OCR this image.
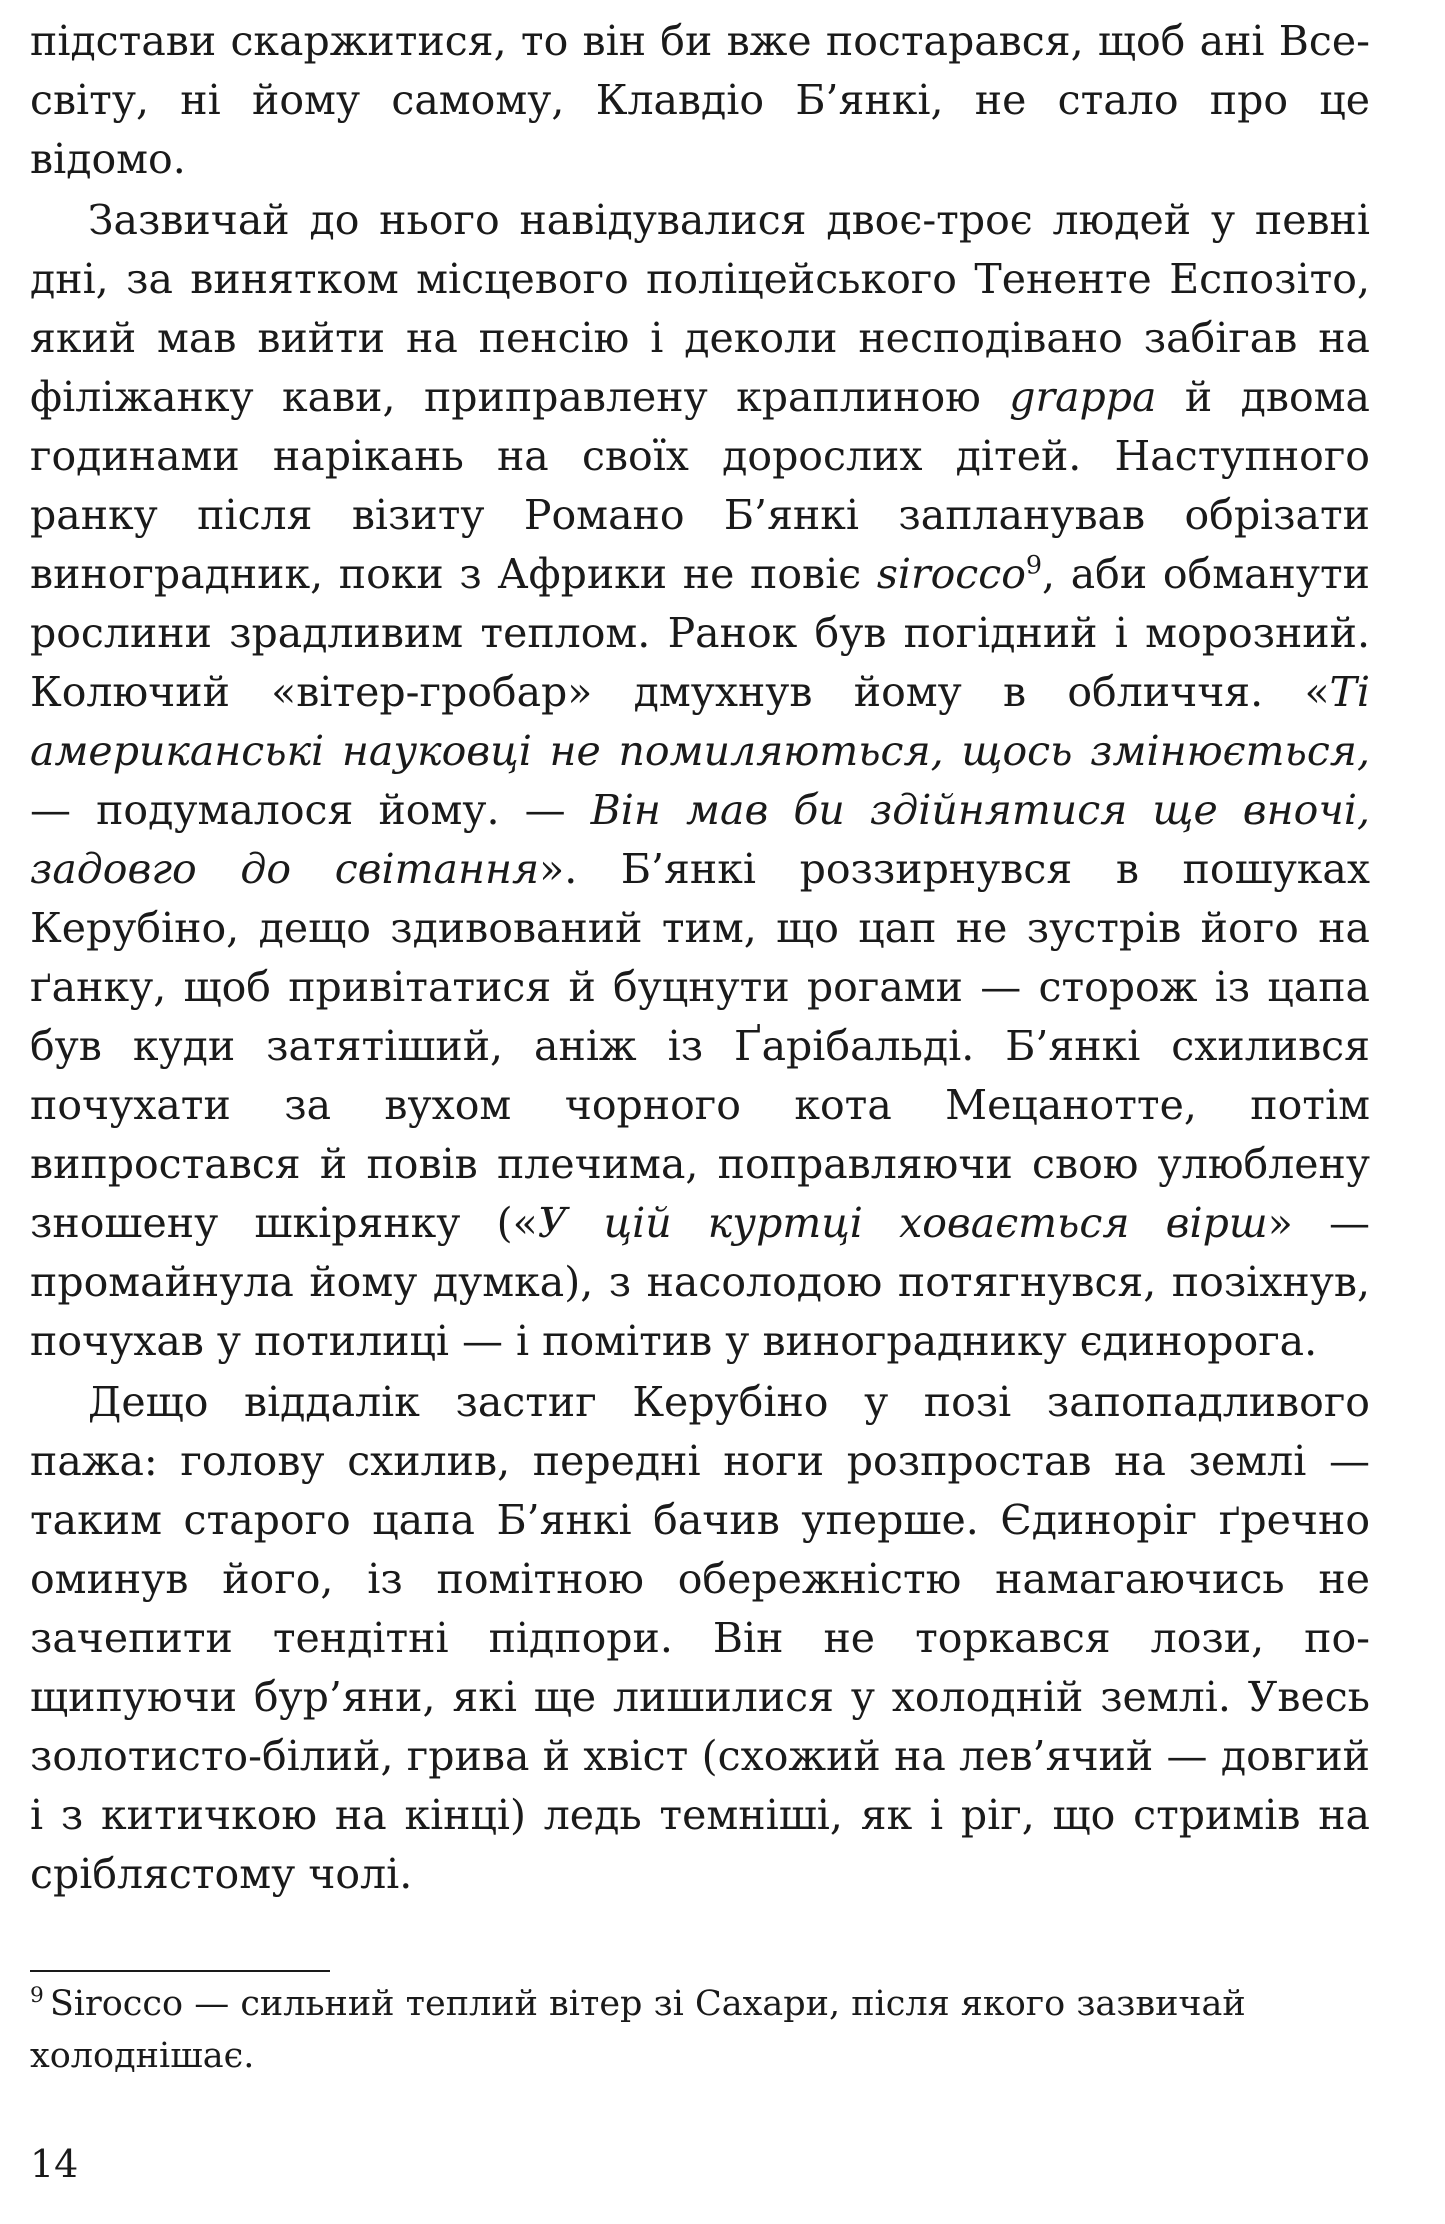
підстави скаржитися, то він би вже постарався, щоб ані Всесвіту, ні йому самому, Клавдіо Б’янкі, не стало про це відомо.

Зазвичай до нього навідувалися двоє-троє людей у певні дні, за винятком місцевого поліцейського Тененте Еспозіто, який мав вийти на пенсію і деколи несподівано забігав на філіжанку кави, приправлену краплиною grappa й двома годинами нарікань на своїх дорослих дітей. Наступного ранку після візиту Романо Б’янкі запланував обрізати виноградник, поки з Африки не повіє sirocco$^9$, аби обманути рослини зрадливим теплом. Ранок був погідний і морозний. Колючий «вітер-гробар» дмухнув йому в обличчя. «Ті американські науковці не помиляються, щось змінюється, — подумалося йому. — Він мав би здійнятися ще вночі, задовго до світання». Б’янкі роззирнувся в пошуках Керубіно, дещо здивований тим, що цап не зустрів його на ґанку, щоб привітатися й буцнути рогами — сторож із цапа був куди затятіший, аніж із Ґарібальді. Б’янкі схилився почухати за вухом чорного кота Мецанотте, потім випростався й повів плечима, поправляючи свою улюблену зношену шкірянку («У цій куртці ховається вірш» — промайнула йому думка), з насолодою потягнувся, позіхнув, почухав у потилиці — і помітив у винограднику єдинорога.

Дещо віддалік застиг Керубіно у позі запопадливого пажа: голову схилив, передні ноги розпростав на землі — таким старого цапа Б’янкі бачив уперше. Єдиноріг ґречно оминув його, із помітною обережністю намагаючись не зачепити тендітні підпори. Він не торкався лози, пощипуючи бур’яни, які ще лишилися у холодній землі. Увесь золотисто-білий, грива й хвіст (схожий на лев’ячий — довгий і з китичкою на кінці) ледь темніші, як і ріг, що стримів на сріблястому чолі.

$^9$ Sirocco — сильний теплий вітер зі Сахари, після якого зазвичай холоднішає.
14
